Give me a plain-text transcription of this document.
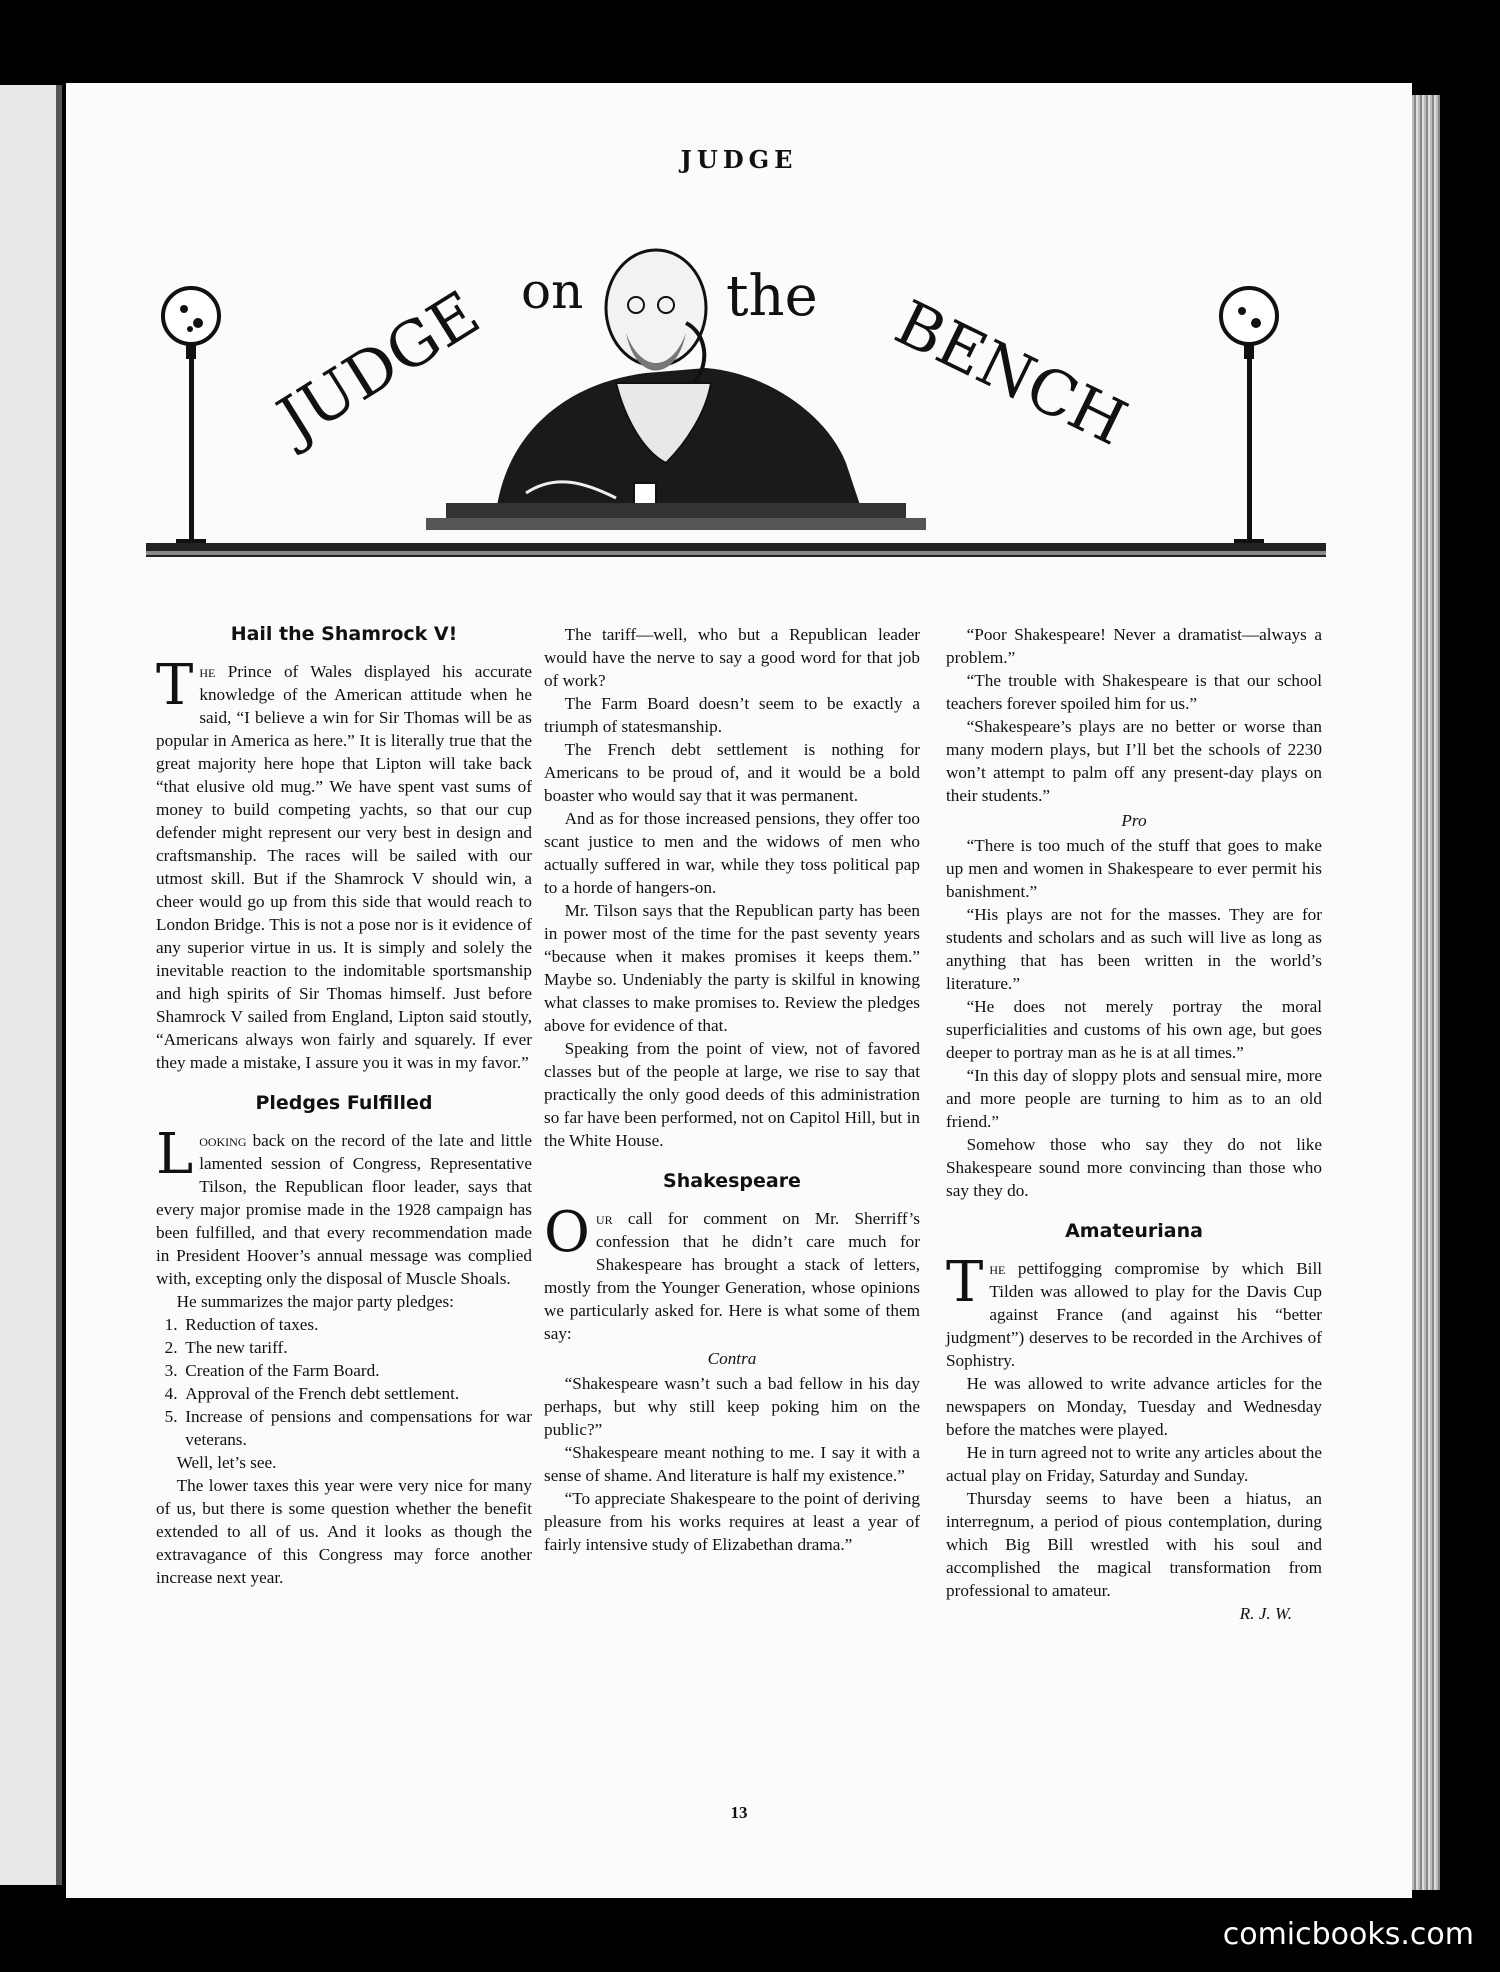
JUDGE
JUDGE on	the BENCH
Hail the Shamrock V!

The Prince of Wales displayed his accurate knowledge of the American attitude when he said, “I believe a win for Sir Thomas will be as popular in America as here.” It is literally true that the great majority here hope that Lipton will take back “that elusive old mug.” We have spent vast sums of money to build competing yachts, so that our cup defender might represent our very best in design and craftsmanship. The races will be sailed with our utmost skill. But if the Shamrock V should win, a cheer would go up from this side that would reach to London Bridge. This is not a pose nor is it evidence of any superior virtue in us. It is simply and solely the inevitable reaction to the indomitable sportsmanship and high spirits of Sir Thomas himself. Just before Shamrock V sailed from England, Lipton said stoutly, “Americans always won fairly and squarely. If ever they made a mistake, I assure you it was in my favor.”

Pledges Fulfilled

Looking back on the record of the late and little lamented session of Congress, Representative Tilson, the Republican floor leader, says that every major promise made in the 1928 campaign has been fulfilled, and that every recommendation made in President Hoover’s annual message was complied with, excepting only the disposal of Muscle Shoals.

He summarizes the major party pledges:

1. Reduction of taxes.
2. The new tariff.
3. Creation of the Farm Board.
4. Approval of the French debt settlement.
5. Increase of pensions and compensations for war veterans.

Well, let’s see.

The lower taxes this year were very nice for many of us, but there is some question whether the benefit extended to all of us. And it looks as though the extravagance of this Congress may force another increase next year.

The tariff—well, who but a Republican leader would have the nerve to say a good word for that job of work?

The Farm Board doesn’t seem to be exactly a triumph of statesmanship.

The French debt settlement is nothing for Americans to be proud of, and it would be a bold boaster who would say that it was permanent.

And as for those increased pensions, they offer too scant justice to men and the widows of men who actually suffered in war, while they toss political pap to a horde of hangers-on.

Mr. Tilson says that the Republican party has been in power most of the time for the past seventy years “because when it makes promises it keeps them.” Maybe so. Undeniably the party is skilful in knowing what classes to make promises to. Review the pledges above for evidence of that.

Speaking from the point of view, not of favored classes but of the people at large, we rise to say that practically the only good deeds of this administration so far have been performed, not on Capitol Hill, but in the White House.

Shakespeare

Our call for comment on Mr. Sherriff’s confession that he didn’t care much for Shakespeare has brought a stack of letters, mostly from the Younger Generation, whose opinions we particularly asked for. Here is what some of them say:

Contra

“Shakespeare wasn’t such a bad fellow in his day perhaps, but why still keep poking him on the public?”

“Shakespeare meant nothing to me. I say it with a sense of shame. And literature is half my existence.”

“To appreciate Shakespeare to the point of deriving pleasure from his works requires at least a year of fairly intensive study of Elizabethan drama.”

“Poor Shakespeare! Never a dramatist—always a problem.”

“The trouble with Shakespeare is that our school teachers forever spoiled him for us.”

“Shakespeare’s plays are no better or worse than many modern plays, but I’ll bet the schools of 2230 won’t attempt to palm off any present-day plays on their students.”

Pro

“There is too much of the stuff that goes to make up men and women in Shakespeare to ever permit his banishment.”

“His plays are not for the masses. They are for students and scholars and as such will live as long as anything that has been written in the world’s literature.”

“He does not merely portray the moral superficialities and customs of his own age, but goes deeper to portray man as he is at all times.”

“In this day of sloppy plots and sensual mire, more and more people are turning to him as to an old friend.”

Somehow those who say they do not like Shakespeare sound more convincing than those who say they do.

Amateuriana

The pettifogging compromise by which Bill Tilden was allowed to play for the Davis Cup against France (and against his “better judgment”) deserves to be recorded in the Archives of Sophistry.

He was allowed to write advance articles for the newspapers on Monday, Tuesday and Wednesday before the matches were played.

He in turn agreed not to write any articles about the actual play on Friday, Saturday and Sunday.

Thursday seems to have been a hiatus, an interregnum, a period of pious contemplation, during which Big Bill wrestled with his soul and accomplished the magical transformation from professional to amateur.

R. J. W.
13
comicbooks.com
